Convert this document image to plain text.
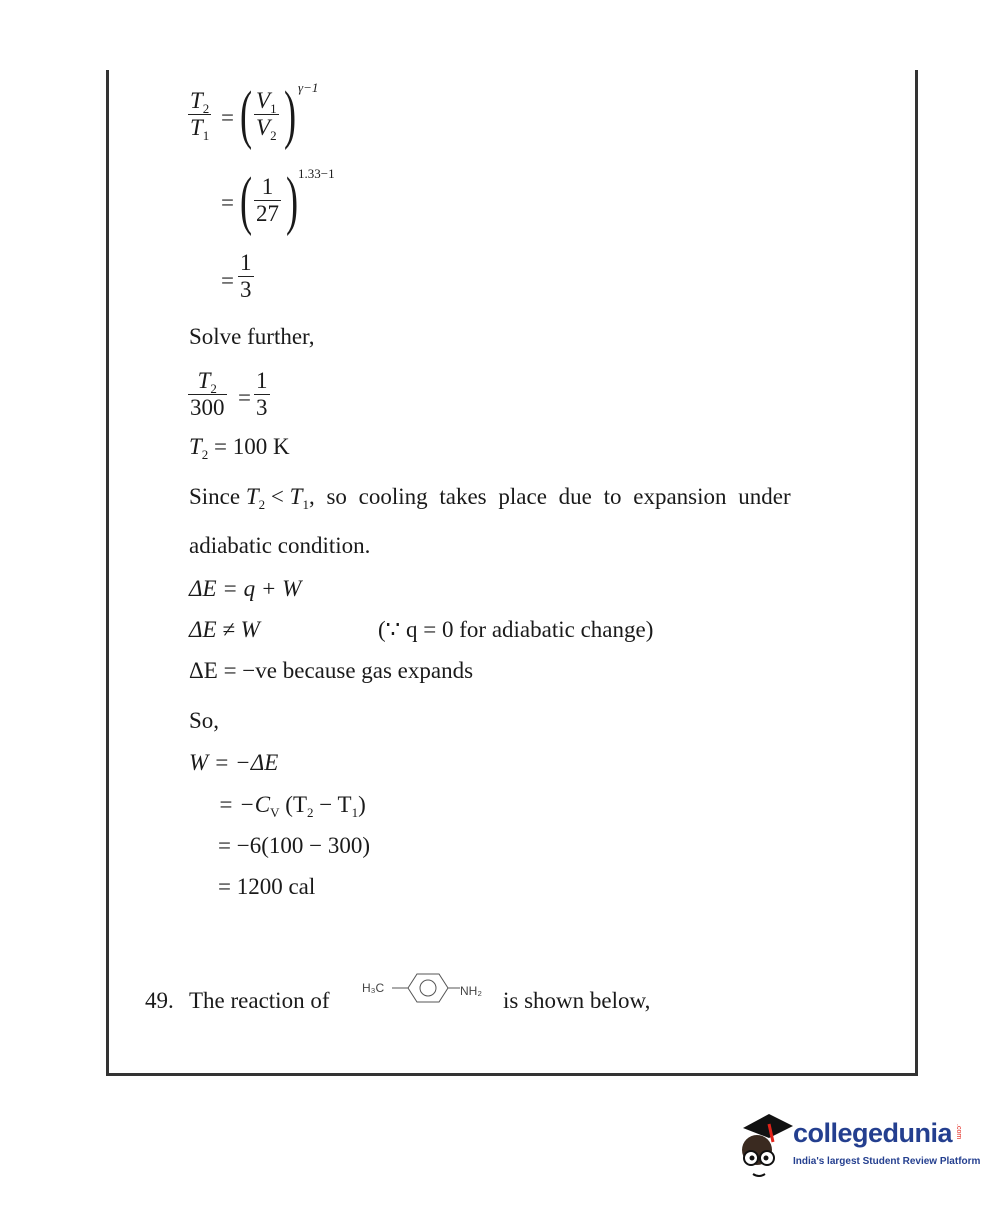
$\frac{T_2}{T_1}$ = ( $\frac{V_1}{V_2}$ ) γ−1
= ( $\frac{1}{27}$ ) 1.33−1
= $\frac{1}{3}$
Solve further,
$\frac{T_2}{300} = \frac{1}{3}$
$T_2 = 100$ K
Since $T_2 < T_1$, so cooling takes place due to expansion under
adiabatic condition.
ΔE = q + W
ΔE ≠ W	(∵ q = 0 for adiabatic change)
ΔE = −ve because gas expands
So,
W = −ΔE
= $-C_V$ $(T_2 - T_1)$
= −6(100 − 300)
= 1200 cal
49. The reaction of	H₃C	NH₂ is shown below,
collegedunia .com
India's largest Student Review Platform
